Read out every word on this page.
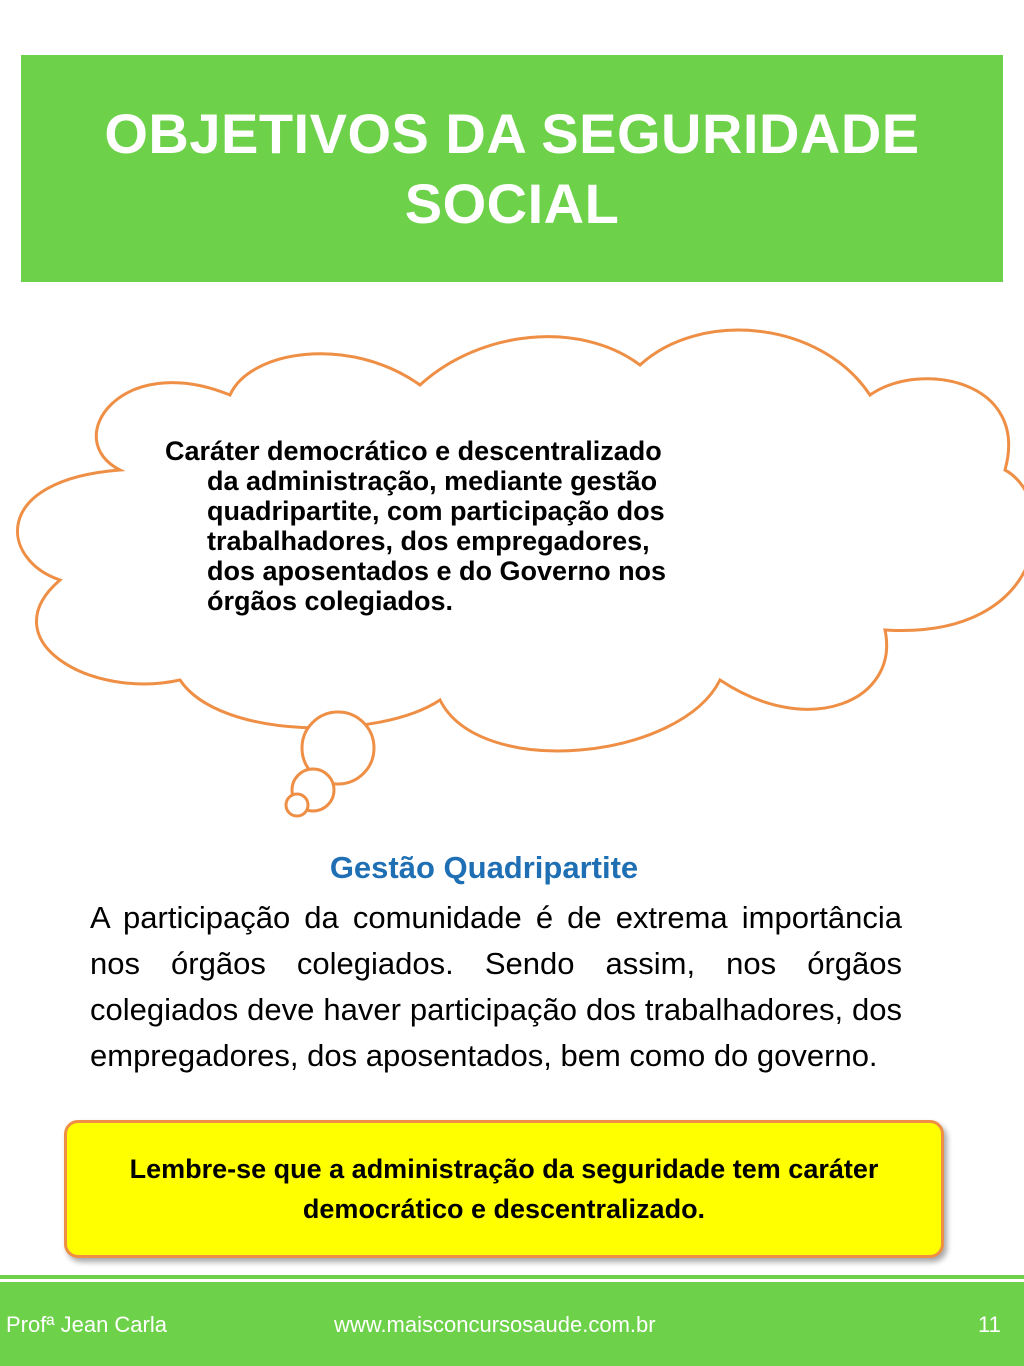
OBJETIVOS DA SEGURIDADE SOCIAL
Caráter democrático e descentralizado
da administração, mediante gestão
quadripartite, com participação dos
trabalhadores, dos empregadores,
dos aposentados e do Governo nos
órgãos colegiados.
Gestão Quadripartite
A participação da comunidade é de extrema importância nos órgãos colegiados. Sendo assim, nos órgãos colegiados deve haver participação dos trabalhadores, dos empregadores, dos aposentados, bem como do governo.

Lembre-se que a administração da seguridade tem caráter democrático e descentralizado.

Profª Jean Carla	www.maisconcursosaude.com.br	11
